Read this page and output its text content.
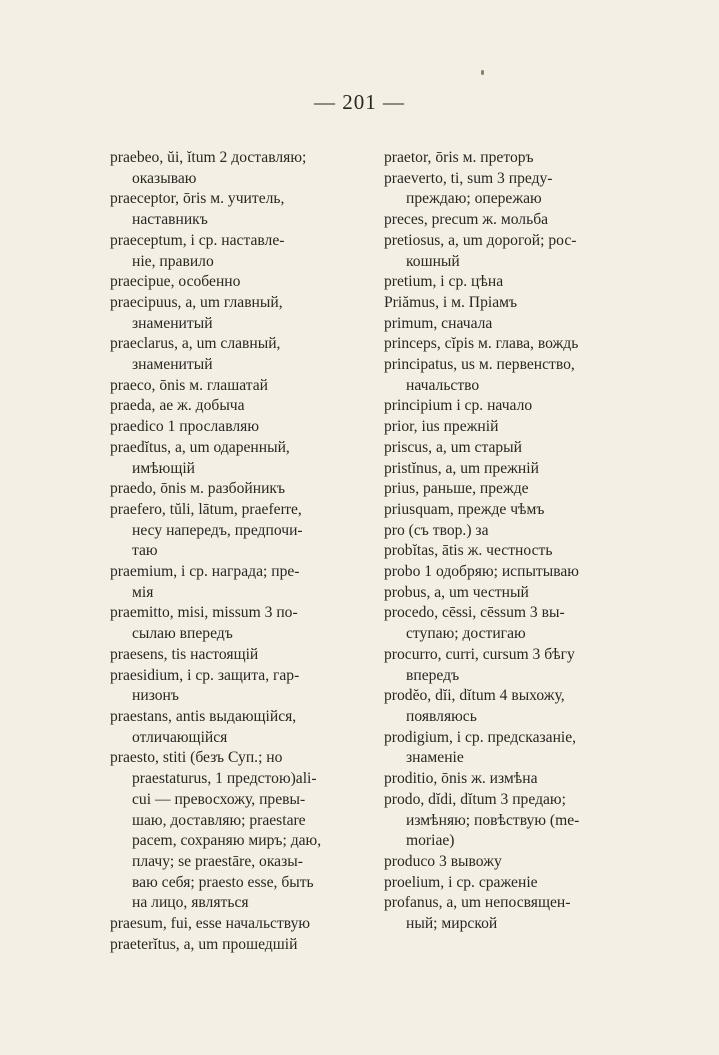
— 201 —

praebeo, ŭi, ĭtum 2 доставляю;
оказываю

praeceptor, ōris м. учитель,
наставникъ

praeceptum, i ср. наставле-
ніе, правило

praecipue, особенно

praecipuus, a, um главный,
знаменитый

praeclarus, a, um славный,
знаменитый

praeco, ōnis м. глашатай

praeda, ae ж. добыча

praedico 1 прославляю

praedĭtus, a, um одаренный,
имѣющій

praedo, ōnis м. разбойникъ

praefero, tŭli, lātum, praeferre,
несу напередъ, предпочи-
таю

praemium, i ср. награда; пре-
мія

praemitto, misi, missum 3 по-
сылаю впередъ

praesens, tis настоящій

praesidium, i ср. защита, гар-
низонъ

praestans, antis выдающійся,
отличающійся

praesto, stiti (безъ Суп.; но
praestaturus, 1 предстою)ali-
cui — превосхожу, превы-
шаю, доставляю; praestare
pacem, сохраняю миръ; даю,
плачу; se praestāre, оказы-
ваю себя; praesto esse, быть
на лицо, являться

praesum, fui, esse начальствую

praeterĭtus, a, um прошедшій

praetor, ōris м. преторъ

praeverto, ti, sum 3 преду-
преждаю; опережаю

preces, precum ж. мольба

pretiosus, a, um дорогой; рос-
кошный

pretium, i ср. цѣна

Priămus, i м. Пріамъ

primum, сначала

princeps, cĭpis м. глава, вождь

principatus, us м. первенство,
начальство

principium i ср. начало

prior, ius прежній

priscus, a, um старый

pristĭnus, a, um прежній

prius, раньше, прежде

priusquam, прежде чѣмъ

pro (съ твор.) за

probĭtas, ātis ж. честность

probo 1 одобряю; испытываю

probus, a, um честный

procedo, cēssi, cēssum 3 вы-
ступаю; достигаю

procurro, curri, cursum 3 бѣгу
впередъ

prodĕo, dĭi, dĭtum 4 выхожу,
появляюсь

prodigium, i ср. предсказаніе,
знаменіе

proditio, ōnis ж. измѣна

prodo, dĭdi, dĭtum 3 предаю;
измѣняю; повѣствую (me-
moriae)

produco 3 вывожу

proelium, i ср. сраженіе

profanus, a, um непосвящен-
ный; мирской
